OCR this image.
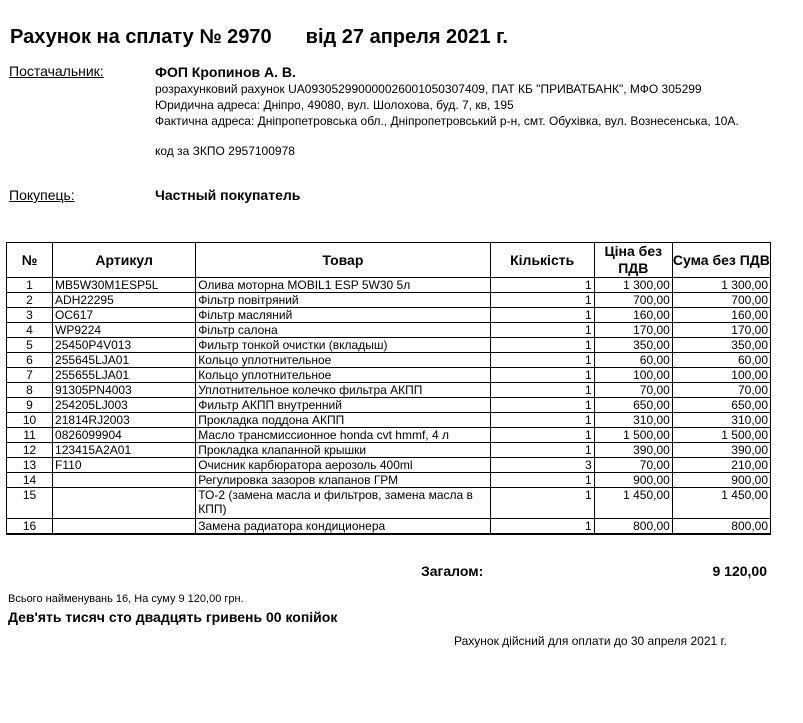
Рахунок на сплату № 2970 від 27 апреля 2021 г.
Постачальник:	ФОП Кропинов А. В.
розрахунковий рахунок UA093052990000026001050307409, ПАТ КБ "ПРИВАТБАНК", МФО 305299
Юридична адреса: Дніпро, 49080, вул. Шолохова, буд. 7, кв, 195
Фактична адреса: Дніпропетровська обл., Дніпропетровський р-н, смт. Обухівка, вул. Вознесенська, 10А.
код за ЗКПО 2957100978
Покупець:	Частный покупатель
№	Артикул	Товар	Кількість	Ціна без ПДВ	Сума без ПДВ
1	MB5W30M1ESP5L	Олива моторна MOBIL1 ESP 5W30 5л	1	1 300,00	1 300,00
2	ADH22295	Фільтр повітряний	1	700,00	700,00
3	OC617	Фільтр масляний	1	160,00	160,00
4	WP9224	Фільтр салона	1	170,00	170,00
5	25450P4V013	Фильтр тонкой очистки (вкладыш)	1	350,00	350,00
6	255645LJA01	Кольцо уплотнительное	1	60,00	60,00
7	255655LJA01	Кольцо уплотнительное	1	100,00	100,00
8	91305PN4003	Уплотнительное колечко фильтра АКПП	1	70,00	70,00
9	254205LJ003	Фильтр АКПП внутренний	1	650,00	650,00
10	21814RJ2003	Прокладка поддона АКПП	1	310,00	310,00
11	0826099904	Масло трансмиссионное honda cvt hmmf, 4 л	1	1 500,00	1 500,00
12	123415A2A01	Прокладка клапанной крышки	1	390,00	390,00
13	F110	Очисник карбюратора аерозоль 400ml	3	70,00	210,00
14		Регулировка зазоров клапанов ГРМ	1	900,00	900,00
15		ТО-2 (замена масла и фильтров, замена масла в КПП)	1	1 450,00	1 450,00
16		Замена радиатора кондиционера	1	800,00	800,00
Загалом:	9 120,00
Всього найменувань 16, На суму 9 120,00 грн.
Дев'ять тисяч сто двадцять гривень 00 копійок
Рахунок дійсний для оплати до 30 апреля 2021 г.
